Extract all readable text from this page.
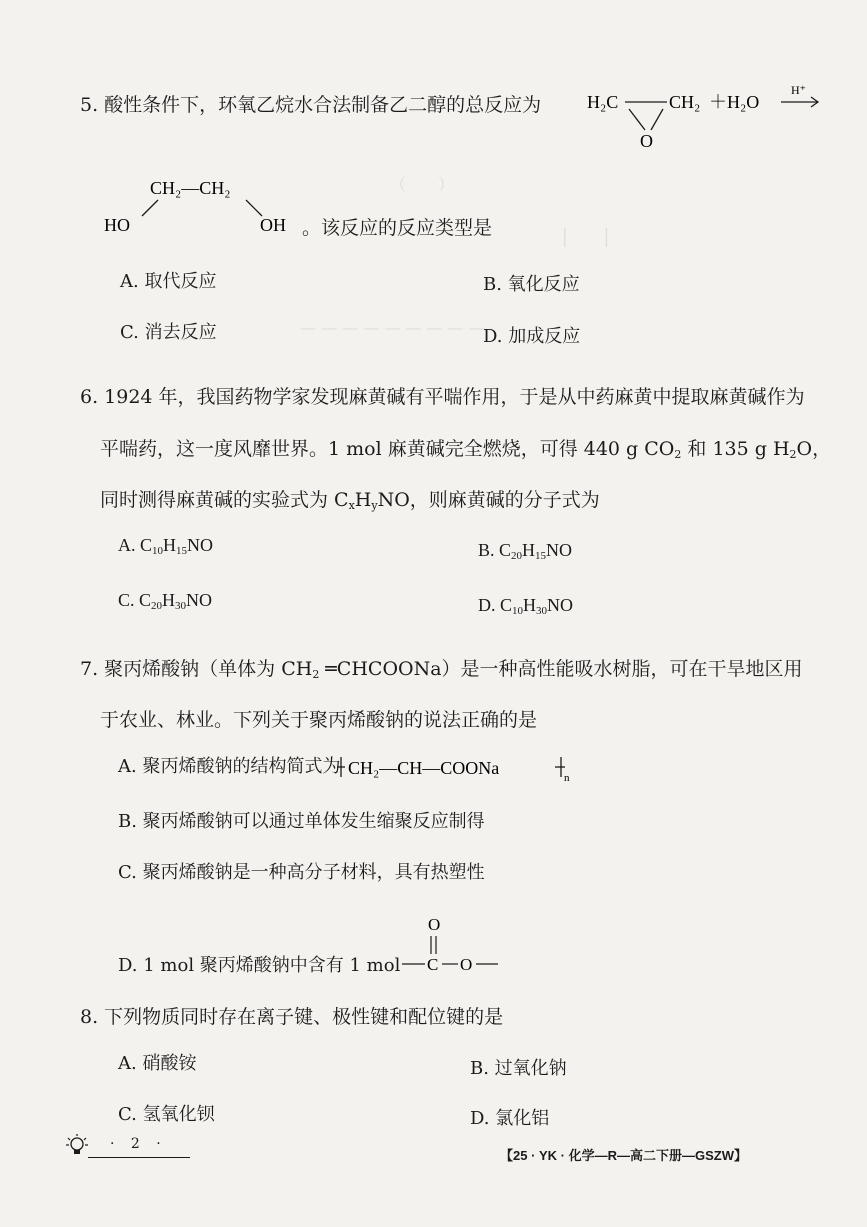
（　　）
│　　│
— — — — — — — — —
5. 酸性条件下，环氧乙烷水合法制备乙二醇的总反应为	H₂C	CH₂
O
＋H₂O
H⁺
CH₂—CH₂
HO	OH 。该反应的反应类型是
A. 取代反应	B. 氧化反应
C. 消去反应	D. 加成反应
6. 1924 年，我国药物学家发现麻黄碱有平喘作用，于是从中药麻黄中提取麻黄碱作为
平喘药，这一度风靡世界。1 mol 麻黄碱完全燃烧，可得 440 g $CO_2$ 和 135 g $H_2O$，
同时测得麻黄碱的实验式为 $C_xH_yNO$，则麻黄碱的分子式为
A. $C_{10}H_{15}NO$	B. $C_{20}H_{15}NO$
C. $C_{20}H_{30}NO$	D. $C_{10}H_{30}NO$
7. 聚丙烯酸钠（单体为 $CH_2$ ═CHCOONa）是一种高性能吸水树脂，可在干旱地区用
于农业、林业。下列关于聚丙烯酸钠的说法正确的是
A. 聚丙烯酸钠的结构简式为 CH₂—CH—COONa	n
B. 聚丙烯酸钠可以通过单体发生缩聚反应制得
C. 聚丙烯酸钠是一种高分子材料，具有热塑性
D. 1 mol 聚丙烯酸钠中含有 1 mol
O
C O
8. 下列物质同时存在离子键、极性键和配位键的是
A. 硝酸铵	B. 过氧化钠
C. 氢氧化钡	D. 氯化铝
· 2 ·
【25 · YK · 化学—R—高二下册—GSZW】
